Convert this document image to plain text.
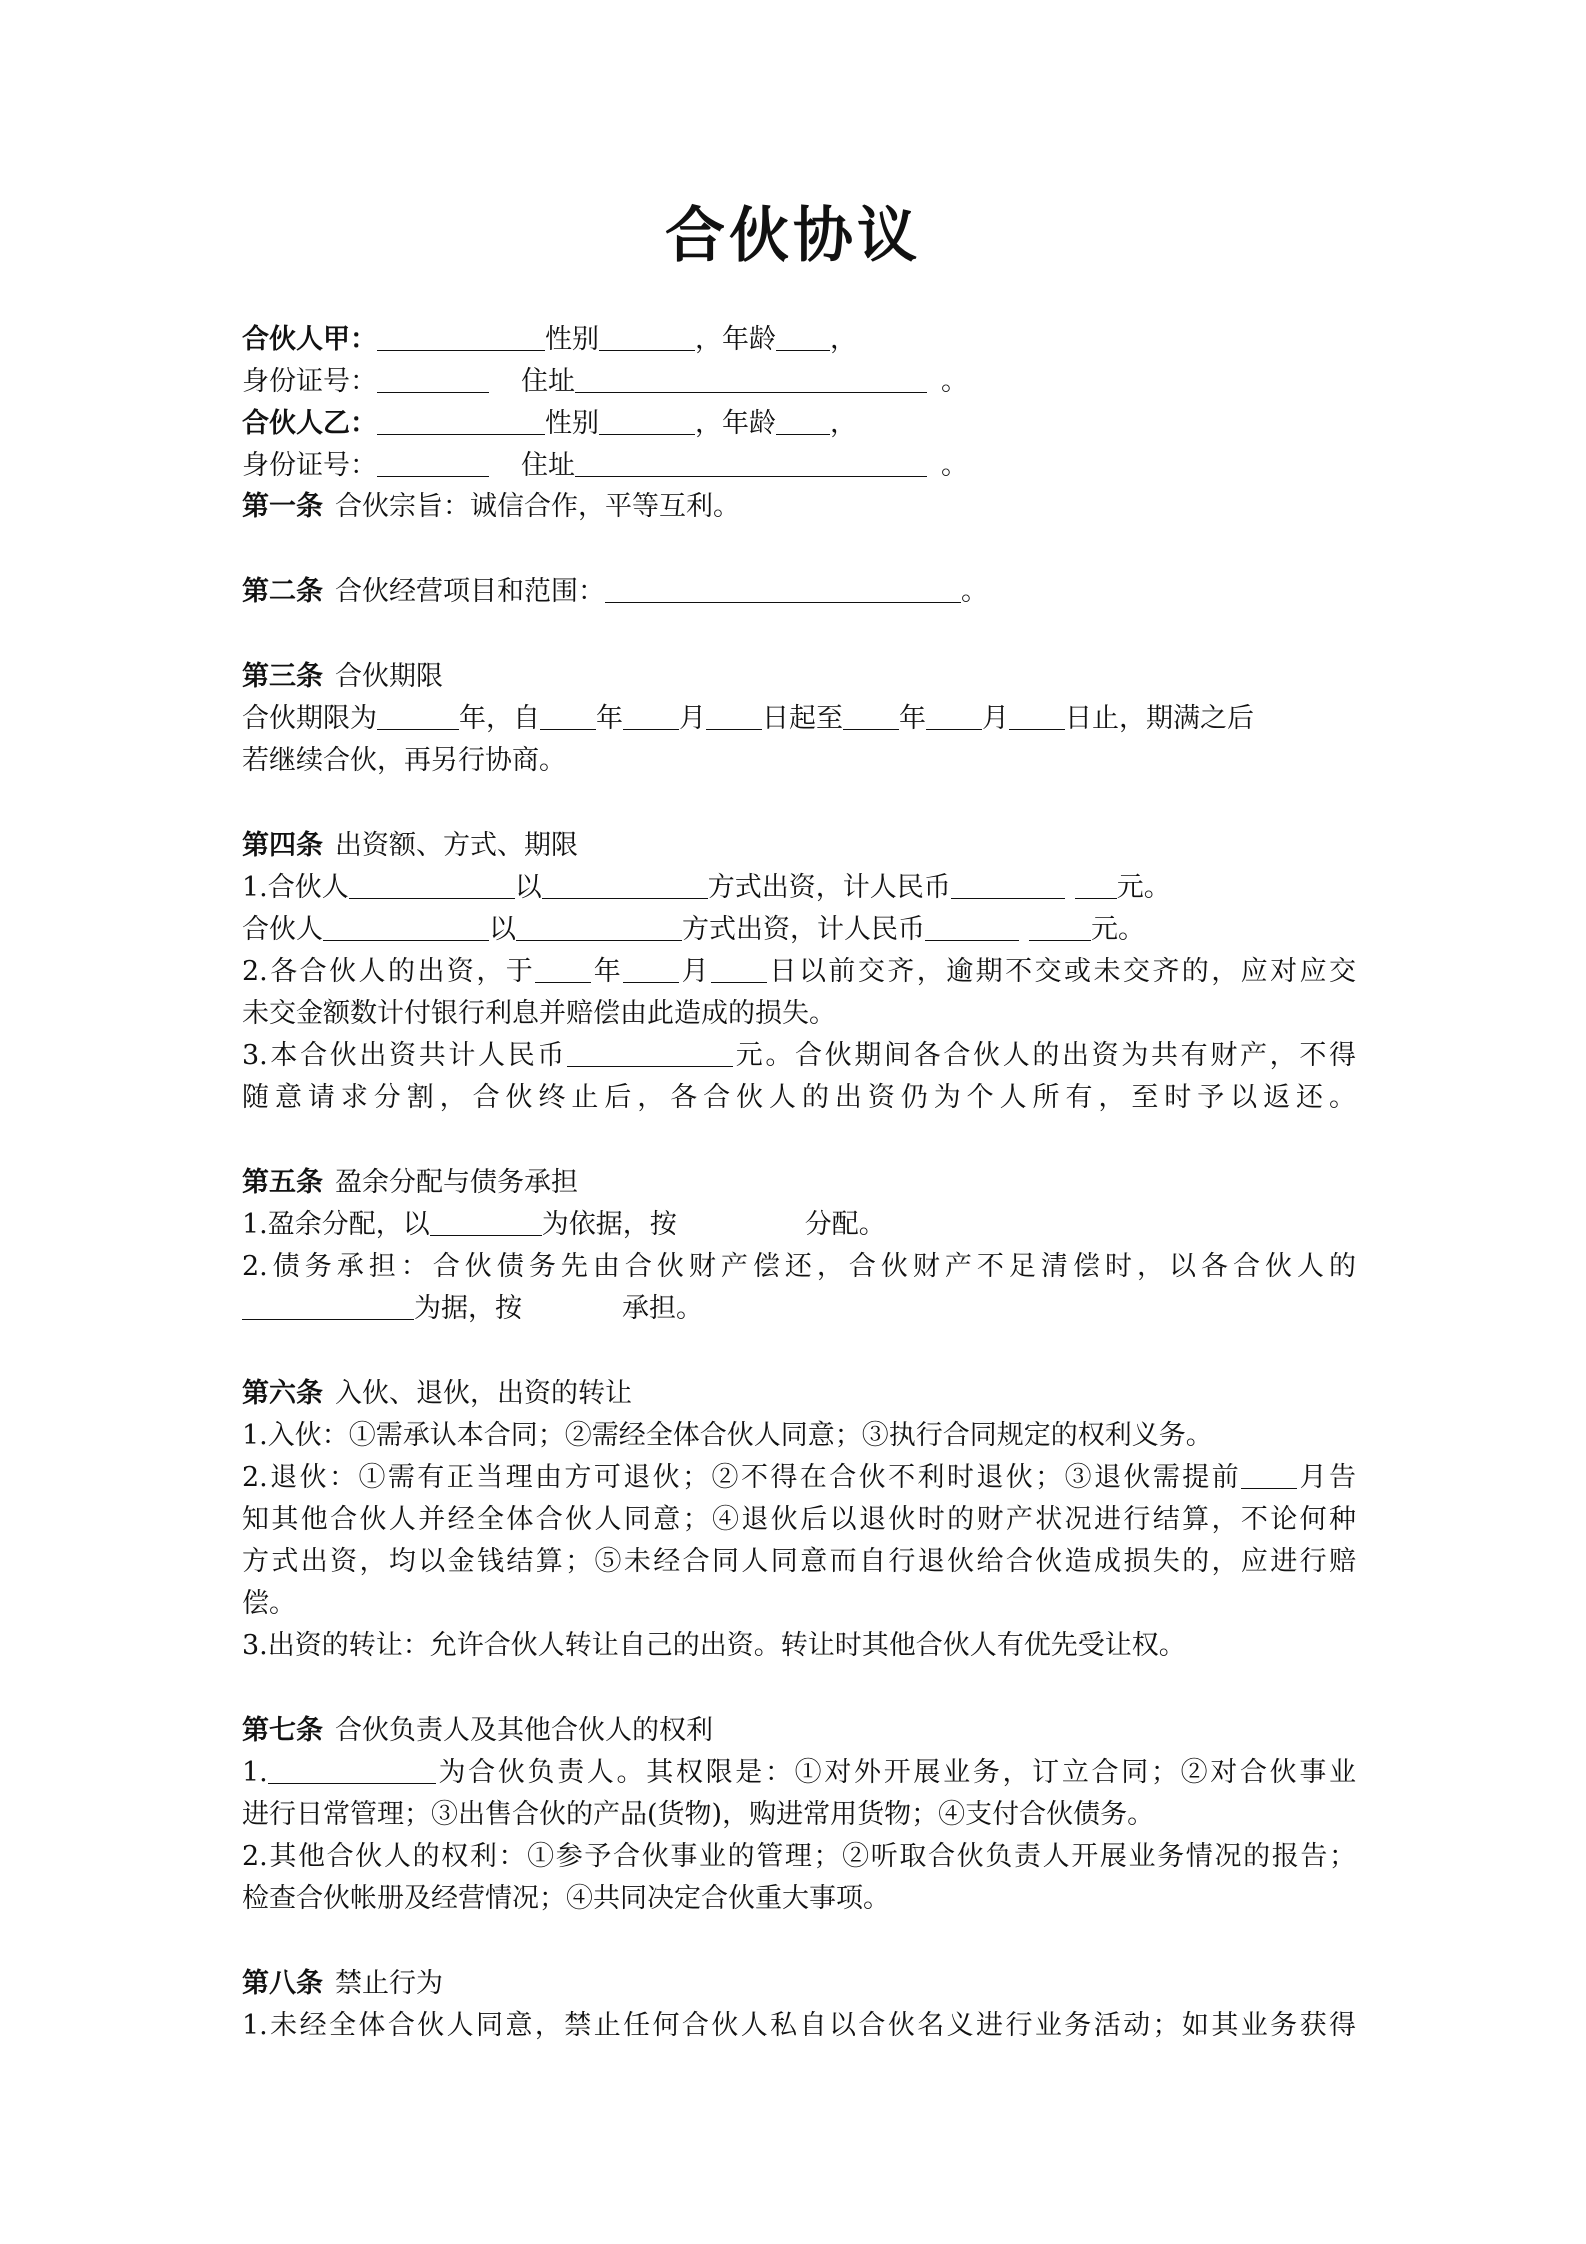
合伙协议
合伙人甲：	性别	，年龄 ，
身份证号：	住址	。
合伙人乙：	性别	，年龄 ，
身份证号：	住址	。
第一条 合伙宗旨：诚信合作，平等互利。
第二条 合伙经营项目和范围：	。
第三条 合伙期限
合伙期限为	年，自 年 月 日起至 年 月 日止，期满之后
若继续合伙，再另行协商。
第四条 出资额、方式、期限
1.合伙人	以	方式出资，计人民币	元。
合伙人	以	方式出资，计人民币	元。
2.各合伙人的出资，于 年 月 日以前交齐，逾期不交或未交齐的，应对应交
未交金额数计付银行利息并赔偿由此造成的损失。
3.本合伙出资共计人民币	元。合伙期间各合伙人的出资为共有财产，不得
随意请求分割，合伙终止后，各合伙人的出资仍为个人所有，至时予以返还。
第五条 盈余分配与债务承担
1.盈余分配，以	为依据，按	分配。
2.债务承担：合伙债务先由合伙财产偿还，合伙财产不足清偿时，以各合伙人的
为据，按	承担。
第六条 入伙、退伙，出资的转让
1.入伙：①需承认本合同；②需经全体合伙人同意；③执行合同规定的权利义务。
2.退伙：①需有正当理由方可退伙；②不得在合伙不利时退伙；③退伙需提前 月告
知其他合伙人并经全体合伙人同意；④退伙后以退伙时的财产状况进行结算，不论何种
方式出资，均以金钱结算；⑤未经合同人同意而自行退伙给合伙造成损失的，应进行赔
偿。
3.出资的转让：允许合伙人转让自己的出资。转让时其他合伙人有优先受让权。
第七条 合伙负责人及其他合伙人的权利
1.	为合伙负责人。其权限是：①对外开展业务，订立合同；②对合伙事业
进行日常管理；③出售合伙的产品(货物)，购进常用货物；④支付合伙债务。
2.其他合伙人的权利：①参予合伙事业的管理；②听取合伙负责人开展业务情况的报告；
检查合伙帐册及经营情况；④共同决定合伙重大事项。
第八条 禁止行为
1.未经全体合伙人同意，禁止任何合伙人私自以合伙名义进行业务活动；如其业务获得
